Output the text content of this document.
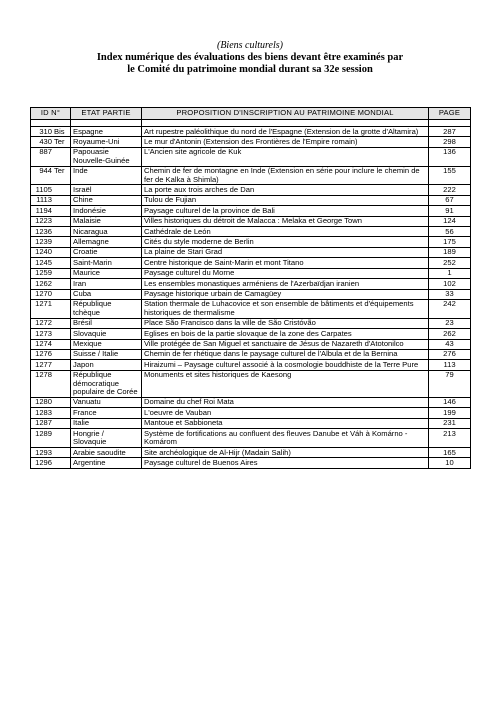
(Biens culturels)
Index numérique des évaluations des biens devant être examinés par
le Comité du patrimoine mondial durant sa 32e session
ID N°	ETAT PARTIE	PROPOSITION D'INSCRIPTION AU PATRIMOINE MONDIAL	PAGE

310 Bis	Espagne	Art rupestre paléolithique du nord de l'Espagne (Extension de la grotte d'Altamira)	287
430 Ter	Royaume-Uni	Le mur d'Antonin (Extension des Frontières de l'Empire romain)	298
887	Papouasie Nouvelle-Guinée	L'Ancien site agricole de Kuk	136
944 Ter	Inde	Chemin de fer de montagne en Inde (Extension en série pour inclure le chemin de fer de Kalka à Shimla)	155
1105	Israël	La porte aux trois arches de Dan	222
1113	Chine	Tulou de Fujian	67
1194	Indonésie	Paysage culturel de la province de Bali	91
1223	Malaisie	Villes historiques du détroit de Malacca : Melaka et George Town	124
1236	Nicaragua	Cathédrale de León	56
1239	Allemagne	Cités du style moderne de Berlin	175
1240	Croatie	La plaine de Stari Grad	189
1245	Saint-Marin	Centre historique de Saint-Marin et mont Titano	252
1259	Maurice	Paysage culturel du Morne	1
1262	Iran	Les ensembles monastiques arméniens de l'Azerbaïdjan iranien	102
1270	Cuba	Paysage historique urbain de Camagüey	33
1271	République tchèque	Station thermale de Luhacovice et son ensemble de bâtiments et d'équipements historiques de thermalisme	242
1272	Brésil	Place São Francisco dans la ville de São Cristóvão	23
1273	Slovaquie	Eglises en bois de la partie slovaque de la zone des Carpates	262
1274	Mexique	Ville protégée de San Miguel et sanctuaire de Jésus de Nazareth d'Atotonilco	43
1276	Suisse / Italie	Chemin de fer rhétique dans le paysage culturel de l'Albula et de la Bernina	276
1277	Japon	Hiraizumi – Paysage culturel associé à la cosmologie bouddhiste de la Terre Pure	113
1278	République démocratique populaire de Corée	Monuments et sites historiques de Kaesong	79
1280	Vanuatu	Domaine du chef Roi Mata	146
1283	France	L'oeuvre de Vauban	199
1287	Italie	Mantoue et Sabbioneta	231
1289	Hongrie / Slovaquie	Système de fortifications au confluent des fleuves Danube et Váh à Komárno - Komárom	213
1293	Arabie saoudite	Site archéologique de Al-Hijr (Madain Salih)	165
1296	Argentine	Paysage culturel de Buenos Aires	10
